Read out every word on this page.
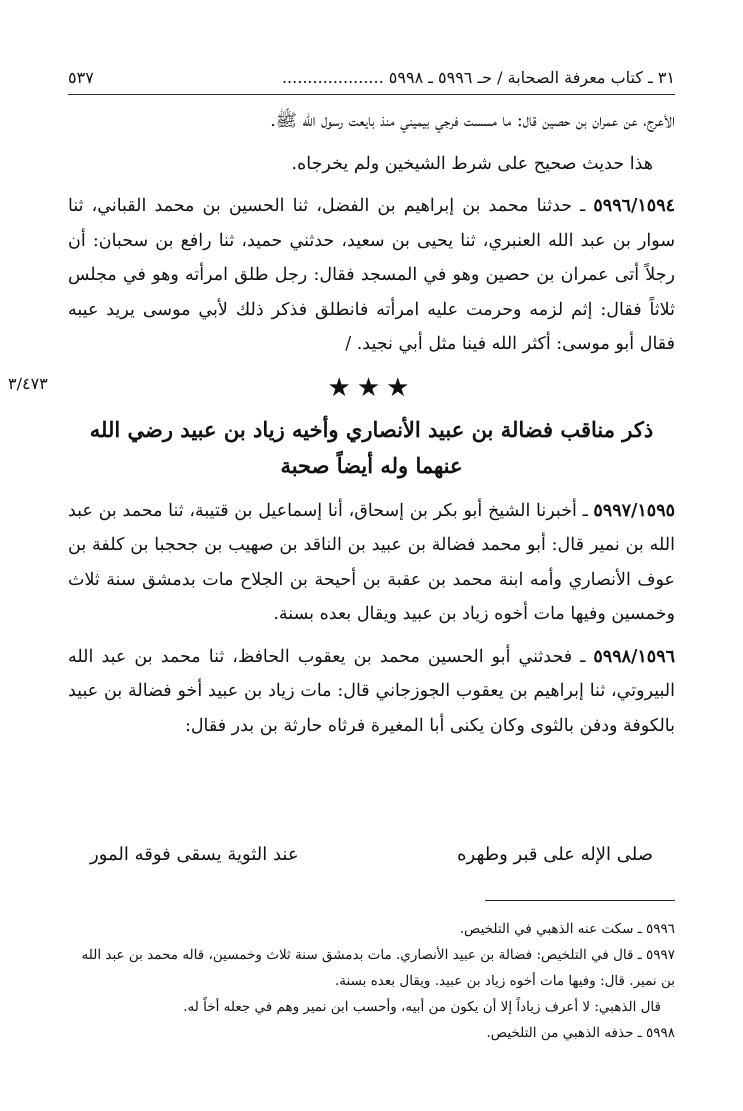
٣١ ـ كتاب معرفة الصحابة / حـ ٥٩٩٦ ـ ٥٩٩٨ ....................
٥٣٧
٣/٤٧٣

الأعرج، عن عمران بن حصين قال: ما مسست فرجي بيميني منذ بايعت رسول الله ﷺ.

هذا حديث صحيح على شرط الشيخين ولم يخرجاه.

٥٩٩٦/١٥٩٤ ـ حدثنا محمد بن إبراهيم بن الفضل، ثنا الحسين بن محمد القباني، ثنا سوار بن عبد الله العنبري، ثنا يحيى بن سعيد، حدثني حميد، ثنا رافع بن سحبان: أن رجلاً أتى عمران بن حصين وهو في المسجد فقال: رجل طلق امرأته وهو في مجلس ثلاثاً فقال: إثم لزمه وحرمت عليه امرأته فانطلق فذكر ذلك لأبي موسى يريد عيبه فقال أبو موسى: أكثر الله فينا مثل أبي نجيد. /

★★★
ذكر مناقب فضالة بن عبيد الأنصاري وأخيه زياد بن عبيد رضي الله عنهما وله أيضاً صحبة

٥٩٩٧/١٥٩٥ ـ أخبرنا الشيخ أبو بكر بن إسحاق، أنا إسماعيل بن قتيبة، ثنا محمد بن عبد الله بن نمير قال: أبو محمد فضالة بن عبيد بن الناقد بن صهيب بن جحجبا بن كلفة بن عوف الأنصاري وأمه ابنة محمد بن عقبة بن أحيحة بن الجلاح مات بدمشق سنة ثلاث وخمسين وفيها مات أخوه زياد بن عبيد ويقال بعده بسنة.

٥٩٩٨/١٥٩٦ ـ فحدثني أبو الحسين محمد بن يعقوب الحافظ، ثنا محمد بن عبد الله البيروتي، ثنا إبراهيم بن يعقوب الجوزجاني قال: مات زياد بن عبيد أخو فضالة بن عبيد بالكوفة ودفن بالثوى وكان يكنى أبا المغيرة فرثاه حارثة بن بدر فقال:

صلى الإله على قبر وطهره
عند الثوية يسقى فوقه المور

٥٩٩٦ ـ سكت عنه الذهبي في التلخيص.

٥٩٩٧ ـ قال في التلخيص: فضالة بن عبيد الأنصاري. مات بدمشق سنة ثلاث وخمسين، قاله محمد بن عبد الله بن نمير. قال: وفيها مات أخوه زياد بن عبيد. ويقال بعده بسنة.

قال الذهبي: لا أعرف زياداً إلا أن يكون من أبيه، وأحسب ابن نمير وهم في جعله أخاً له.

٥٩٩٨ ـ حذفه الذهبي من التلخيص.
